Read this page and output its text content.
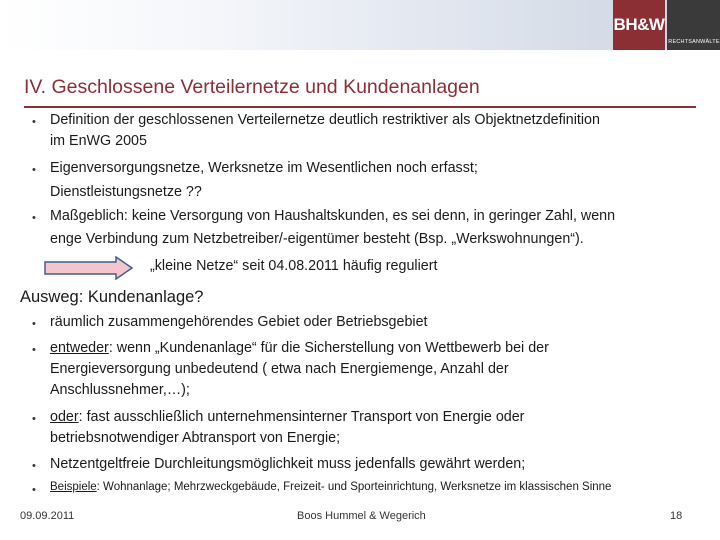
BH&W
RECHTSANWÄLTE
IV. Geschlossene Verteilernetze und Kundenanlagen
• Definition der geschlossenen Verteilernetze deutlich restriktiver als Objektnetzdefinition
im EnWG 2005
• Eigenversorgungsnetze, Werksnetze im Wesentlichen noch erfasst;
Dienstleistungsnetze ??
• Maßgeblich: keine Versorgung von Haushaltskunden, es sei denn, in geringer Zahl, wenn
enge Verbindung zum Netzbetreiber/-eigentümer besteht (Bsp. „Werkswohnungen“).
„kleine Netze“ seit 04.08.2011 häufig reguliert
Ausweg: Kundenanlage?
• räumlich zusammengehörendes Gebiet oder Betriebsgebiet
• entweder: wenn „Kundenanlage“ für die Sicherstellung von Wettbewerb bei der
Energieversorgung unbedeutend ( etwa nach Energiemenge, Anzahl der
Anschlussnehmer,…);
• oder: fast ausschließlich unternehmensinterner Transport von Energie oder
betriebsnotwendiger Abtransport von Energie;
• Netzentgeltfreie Durchleitungsmöglichkeit muss jedenfalls gewährt werden;
• Beispiele: Wohnanlage; Mehrzweckgebäude, Freizeit- und Sporteinrichtung, Werksnetze im klassischen Sinne
09.09.2011	Boos Hummel & Wegerich	18
